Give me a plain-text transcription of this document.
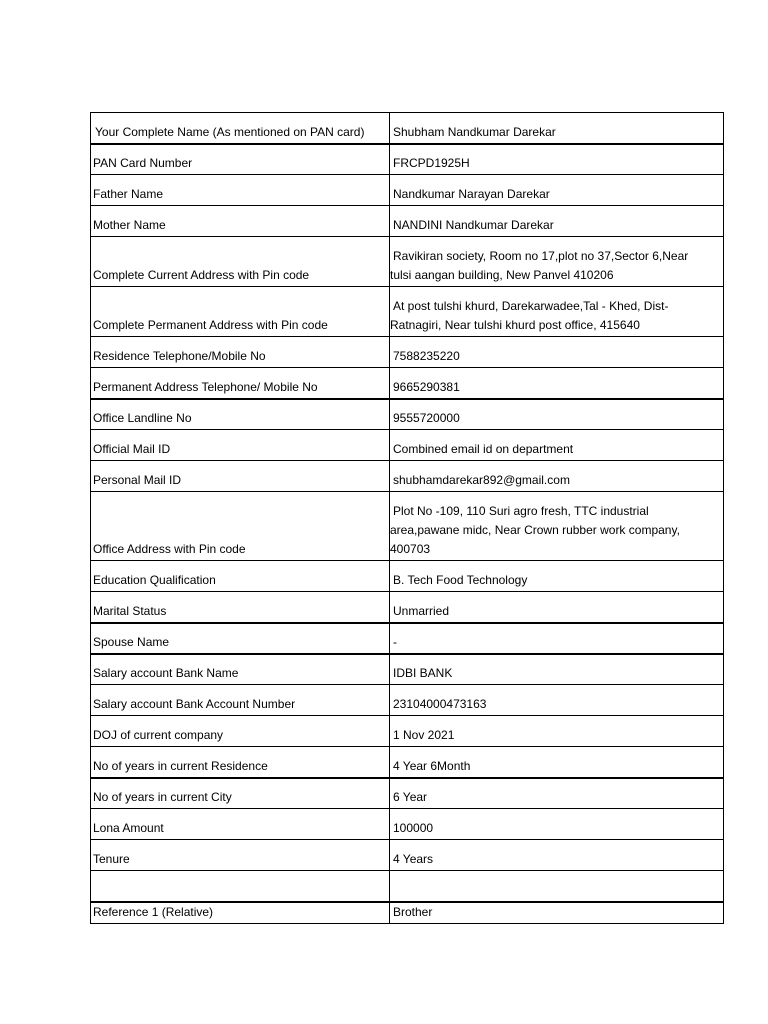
Your Complete Name (As mentioned on PAN card)	Shubham Nandkumar Darekar
PAN Card Number	FRCPD1925H
Father Name	Nandkumar Narayan Darekar
Mother Name	NANDINI Nandkumar Darekar
Complete Current Address with Pin code	Ravikiran society, Room no 17,plot no 37,Sector 6,Near
tulsi aangan building, New Panvel 410206

Complete Permanent Address with Pin code	At post tulshi khurd, Darekarwadee,Tal - Khed, Dist-
Ratnagiri, Near tulshi khurd post office, 415640

Residence Telephone/Mobile No	7588235220
Permanent Address Telephone/ Mobile No	9665290381
Office Landline No	9555720000
Official Mail ID	Combined email id on department
Personal Mail ID	shubhamdarekar892@gmail.com
Office Address with Pin code	Plot No -109, 110 Suri agro fresh, TTC industrial
area,pawane midc, Near Crown rubber work company,
400703

Education Qualification	B. Tech Food Technology
Marital Status	Unmarried
Spouse Name	-
Salary account Bank Name	IDBI BANK
Salary account Bank Account Number	23104000473163
DOJ of current company	1 Nov 2021
No of years in current Residence	4 Year 6Month
No of years in current City	6 Year
Lona Amount	100000
Tenure	4 Years

Reference 1 (Relative)	Brother
